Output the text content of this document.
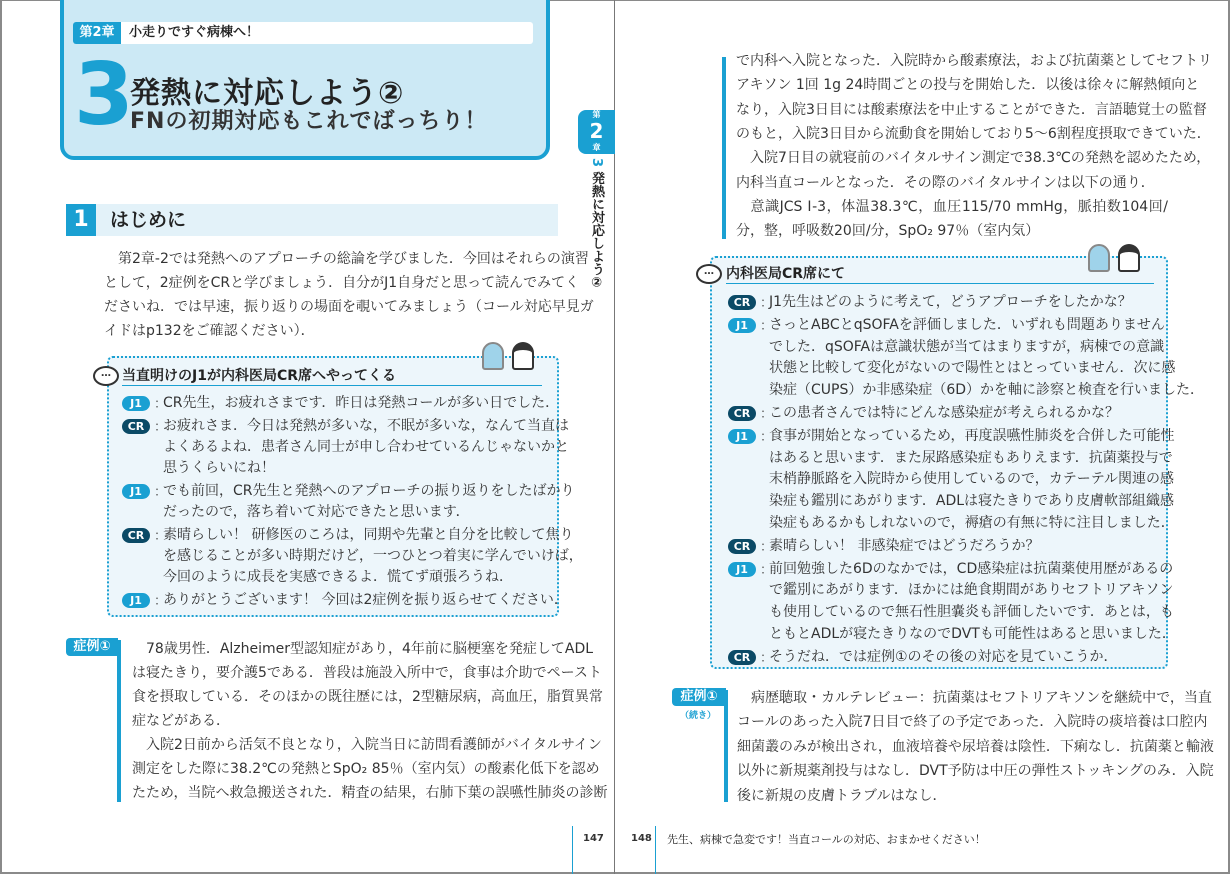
第2章	小走りですぐ病棟へ！
3
発熱に対応しよう②
FNの初期対応もこれでばっちり！	第
2
章
3 発熱に対応しよう②
1	はじめに
　第2章-2では発熱へのアプローチの総論を学びました．今回はそれらの演習
として，2症例をCRと学びましょう．自分がJ1自身だと思って読んでみてく
ださいね．では早速，振り返りの場面を覗いてみましょう（コール対応早見ガ
イドはp132をご確認ください）．
… 当直明けのJ1が内科医局CR席へやってくる
J1 ：
CR先生，お疲れさまです．昨日は発熱コールが多い日でした．
CR ：
お疲れさま．今日は発熱が多いな，不眠が多いな，なんて当直は
よくあるよね．患者さん同士が申し合わせているんじゃないかと
思うくらいにね！
J1 ：
でも前回，CR先生と発熱へのアプローチの振り返りをしたばかり
だったので，落ち着いて対応できたと思います．
CR ：
素晴らしい！ 研修医のころは，同期や先輩と自分を比較して焦り
を感じることが多い時期だけど，一つひとつ着実に学んでいけば，
今回のように成長を実感できるよ．慌てず頑張ろうね．
J1 ：
ありがとうございます！ 今回は2症例を振り返らせてください．
症例①	　78歳男性．Alzheimer型認知症があり，4年前に脳梗塞を発症してADL
は寝たきり，要介護5である．普段は施設入所中で，食事は介助でペースト
食を摂取している．そのほかの既往歴には，2型糖尿病，高血圧，脂質異常
症などがある．
　入院2日前から活気不良となり，入院当日に訪問看護師がバイタルサイン
測定をした際に38.2℃の発熱とSpO₂ 85％（室内気）の酸素化低下を認め
たため，当院へ救急搬送された．精査の結果，右肺下葉の誤嚥性肺炎の診断
で内科へ入院となった．入院時から酸素療法，および抗菌薬としてセフトリ
アキソン 1回 1g 24時間ごとの投与を開始した．以後は徐々に解熱傾向と
なり，入院3日目には酸素療法を中止することができた．言語聴覚士の監督
のもと，入院3日目から流動食を開始しており5～6割程度摂取できていた．
　入院7日目の就寝前のバイタルサイン測定で38.3℃の発熱を認めたため，
内科当直コールとなった．その際のバイタルサインは以下の通り．
　意識JCS Ⅰ-3，体温38.3℃，血圧115/70 mmHg，脈拍数104回/
分，整，呼吸数20回/分，SpO₂ 97％（室内気）
… 内科医局CR席にて
CR ：
J1先生はどのように考えて，どうアプローチをしたかな？
J1 ：
さっとABCとqSOFAを評価しました．いずれも問題ありません
でした．qSOFAは意識状態が当てはまりますが，病棟での意識
状態と比較して変化がないので陽性とはとっていません．次に感
染症（CUPS）か非感染症（6D）かを軸に診察と検査を行いました．
CR ：
この患者さんでは特にどんな感染症が考えられるかな？
J1 ：
食事が開始となっているため，再度誤嚥性肺炎を合併した可能性
はあると思います．また尿路感染症もありえます．抗菌薬投与で
末梢静脈路を入院時から使用しているので，カテーテル関連の感
染症も鑑別にあがります．ADLは寝たきりであり皮膚軟部組織感
染症もあるかもしれないので，褥瘡の有無に特に注目しました．
CR ：
素晴らしい！ 非感染症ではどうだろうか？
J1 ：
前回勉強した6Dのなかでは，CD感染症は抗菌薬使用歴があるの
で鑑別にあがります．ほかには絶食期間がありセフトリアキソン
も使用しているので無石性胆嚢炎も評価したいです．あとは，も
ともとADLが寝たきりなのでDVTも可能性はあると思いました．
CR ：
そうだね．では症例①のその後の対応を見ていこうか．
症例①
（続き）
　病歴聴取・カルテレビュー：抗菌薬はセフトリアキソンを継続中で，当直
コールのあった入院7日目で終了の予定であった．入院時の痰培養は口腔内
細菌叢のみが検出され，血液培養や尿培養は陰性．下痢なし．抗菌薬と輸液
以外に新規薬剤投与はなし．DVT予防は中圧の弾性ストッキングのみ．入院
後に新規の皮膚トラブルはなし．
147	148 先生、病棟で急変です！当直コールの対応、おまかせください！
